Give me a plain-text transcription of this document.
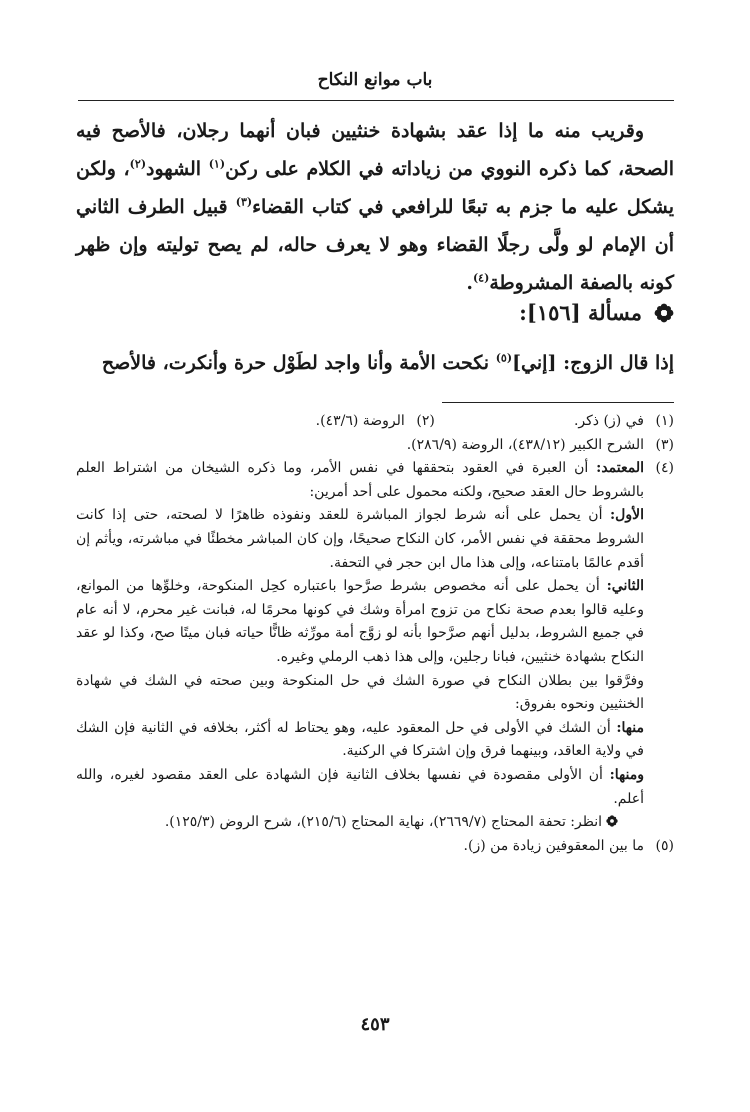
باب موانع النكاح

وقريب منه ما إذا عقد بشهادة خنثيين فبان أنهما رجلان، فالأصح فيه الصحة، كما ذكره النووي من زياداته في الكلام على ركن$^{(١)}$ الشهود$^{(٢)}$، ولكن يشكل عليه ما جزم به تبعًا للرافعي في كتاب القضاء$^{(٣)}$ قبيل الطرف الثاني أن الإمام لو ولَّى رجلًا القضاء وهو لا يعرف حاله، لم يصح توليته وإن ظهر كونه بالصفة المشروطة$^{(٤)}$.

مسألة [١٥٦]:
إذا قال الزوج: [إني]$^{(٥)}$ نكحت الأمة وأنا واجد لطَوْل حرة وأنكرت، فالأصح
(١)
في (ز) ذكر.
(٢)
الروضة (٤٣/٦).
(٣)
الشرح الكبير (٤٣٨/١٢)، الروضة (٢٨٦/٩).
(٤)
المعتمد: أن العبرة في العقود بتحققها في نفس الأمر، وما ذكره الشيخان من اشتراط العلم بالشروط حال العقد صحيح، ولكنه محمول على أحد أمرين:
الأول: أن يحمل على أنه شرط لجواز المباشرة للعقد ونفوذه ظاهرًا لا لصحته، حتى إذا كانت الشروط محققة في نفس الأمر، كان النكاح صحيحًا، وإن كان المباشر مخطئًا في مباشرته، ويأثم إن أقدم عالمًا بامتناعه، وإلى هذا مال ابن حجر في التحفة.
الثاني: أن يحمل على أنه مخصوص بشرط صرَّحوا باعتباره كحِل المنكوحة، وخلوِّها من الموانع، وعليه قالوا بعدم صحة نكاح من تزوج امرأة وشك في كونها محرمًا له، فبانت غير محرم، لا أنه عام في جميع الشروط، بدليل أنهم صرَّحوا بأنه لو زوَّج أمة مورِّثه ظانًّا حياته فبان ميتًا صح، وكذا لو عقد النكاح بشهادة خنثيين، فبانا رجلين، وإلى هذا ذهب الرملي وغيره.
وفرَّقوا بين بطلان النكاح في صورة الشك في حل المنكوحة وبين صحته في الشك في شهادة الخنثيين ونحوه بفروق:
منها: أن الشك في الأولى في حل المعقود عليه، وهو يحتاط له أكثر، بخلافه في الثانية فإن الشك في ولاية العاقد، وبينهما فرق وإن اشتركا في الركنية.
ومنها: أن الأولى مقصودة في نفسها بخلاف الثانية فإن الشهادة على العقد مقصود لغيره، والله أعلم.
انظر: تحفة المحتاج (٢٦٦٩/٧)، نهاية المحتاج (٢١٥/٦)، شرح الروض (١٢٥/٣).
(٥)
ما بين المعقوفين زيادة من (ز).
٤٥٣
